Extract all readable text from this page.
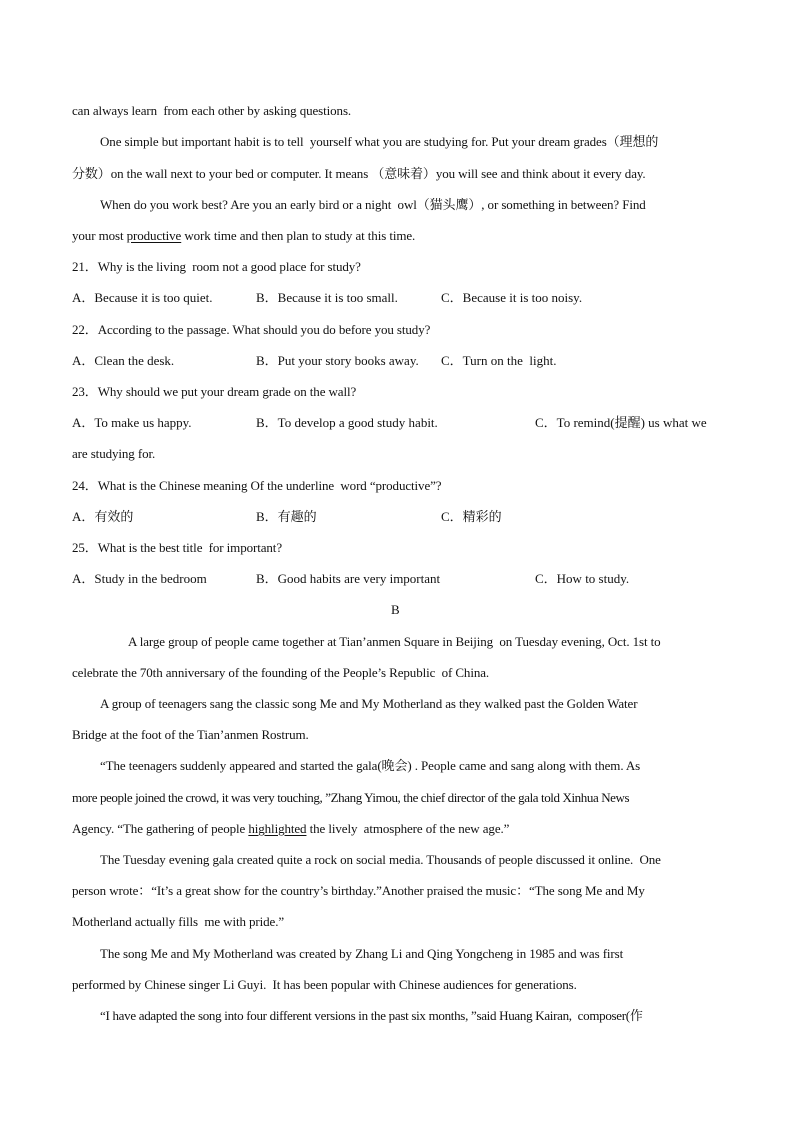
can always learn  from each other by asking questions.
One simple but important habit is to tell  yourself what you are studying for. Put your dream grades（理想的
分数）on the wall next to your bed or computer. It means （意味着）you will see and think about it every day.
When do you work best? Are you an early bird or a night  owl（猫头鹰）, or something in between? Find
your most productive work time and then plan to study at this time.
21．Why is the living  room not a good place for study?
A．Because it is too quiet.	B．Because it is too small.	C．Because it is too noisy.
22．According to the passage. What should you do before you study?
A．Clean the desk.	B．Put your story books away. C．Turn on the  light.
23．Why should we put your dream grade on the wall?
A．To make us happy.	B．To develop a good study habit.	C．To remind(提醒) us what we
are studying for.
24．What is the Chinese meaning Of the underline  word “productive”?
A．有效的	B．有趣的	C．精彩的
25．What is the best title  for important?
A．Study in the bedroom	B．Good habits are very important	C．How to study.
B
A large group of people came together at Tian’anmen Square in Beijing  on Tuesday evening, Oct. 1st to
celebrate the 70th anniversary of the founding of the People’s Republic  of China.
A group of teenagers sang the classic song Me and My Motherland as they walked past the Golden Water
Bridge at the foot of the Tian’anmen Rostrum.
“The teenagers suddenly appeared and started the gala(晚会) . People came and sang along with them. As
more people joined the crowd, it was very touching, ”Zhang Yimou, the chief director of the gala told Xinhua News
Agency. “The gathering of people highlighted the lively  atmosphere of the new age.”
The Tuesday evening gala created quite a rock on social media. Thousands of people discussed it online.  One
person wrote：“It’s a great show for the country’s birthday.”Another praised the music：“The song Me and My
Motherland actually fills  me with pride.”
The song Me and My Motherland was created by Zhang Li and Qing Yongcheng in 1985 and was first
performed by Chinese singer Li Guyi.  It has been popular with Chinese audiences for generations.
“I have adapted the song into four different versions in the past six months, ”said Huang Kairan,  composer(作
